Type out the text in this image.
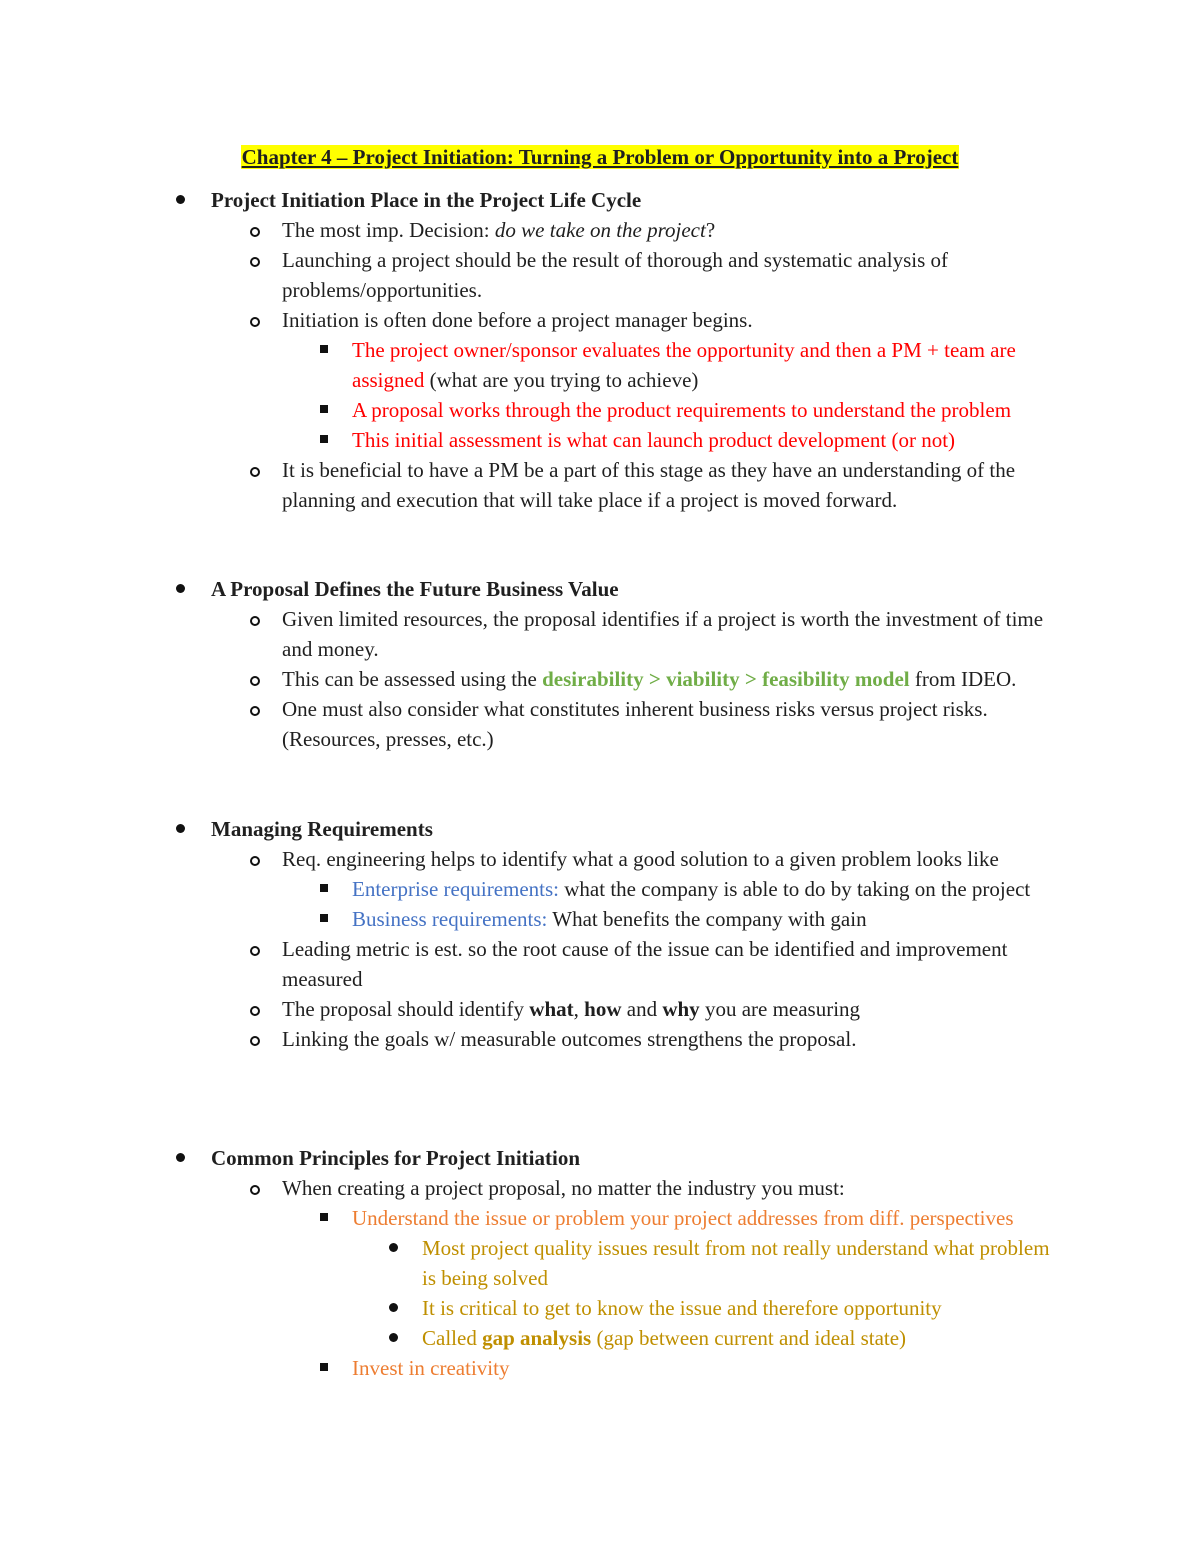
Chapter 4 – Project Initiation: Turning a Problem or Opportunity into a Project
Project Initiation Place in the Project Life Cycle
The most imp. Decision: do we take on the project?
Launching a project should be the result of thorough and systematic analysis of problems/opportunities.
Initiation is often done before a project manager begins.
The project owner/sponsor evaluates the opportunity and then a PM + team are assigned (what are you trying to achieve)
A proposal works through the product requirements to understand the problem
This initial assessment is what can launch product development (or not)
It is beneficial to have a PM be a part of this stage as they have an understanding of the planning and execution that will take place if a project is moved forward.
A Proposal Defines the Future Business Value
Given limited resources, the proposal identifies if a project is worth the investment of time and money.
This can be assessed using the desirability > viability > feasibility model from IDEO.
One must also consider what constitutes inherent business risks versus project risks. (Resources, presses, etc.)
Managing Requirements
Req. engineering helps to identify what a good solution to a given problem looks like
Enterprise requirements: what the company is able to do by taking on the project
Business requirements: What benefits the company with gain
Leading metric is est. so the root cause of the issue can be identified and improvement measured
The proposal should identify what, how and why you are measuring
Linking the goals w/ measurable outcomes strengthens the proposal.
Common Principles for Project Initiation
When creating a project proposal, no matter the industry you must:
Understand the issue or problem your project addresses from diff. perspectives
Most project quality issues result from not really understand what problem is being solved
It is critical to get to know the issue and therefore opportunity
Called gap analysis (gap between current and ideal state)
Invest in creativity
